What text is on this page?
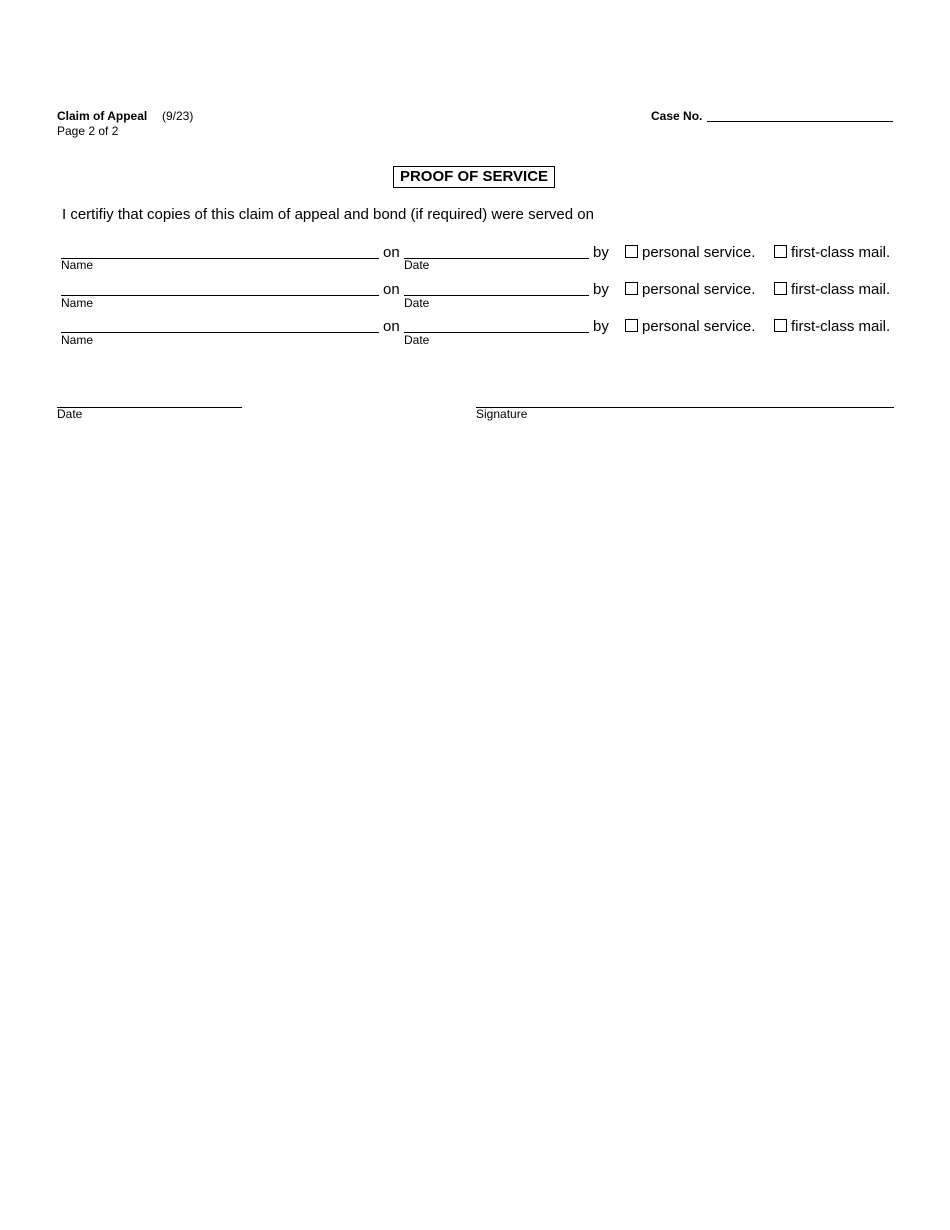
Claim of Appeal (9/23)
Page 2 of 2
Case No.
PROOF OF SERVICE
I certifiy that copies of this claim of appeal and bond (if required) were served on
on	by personal service. first-class mail.
Name	Date
on	by personal service. first-class mail.
Name	Date
on	by personal service. first-class mail.
Name	Date
Date	Signature
